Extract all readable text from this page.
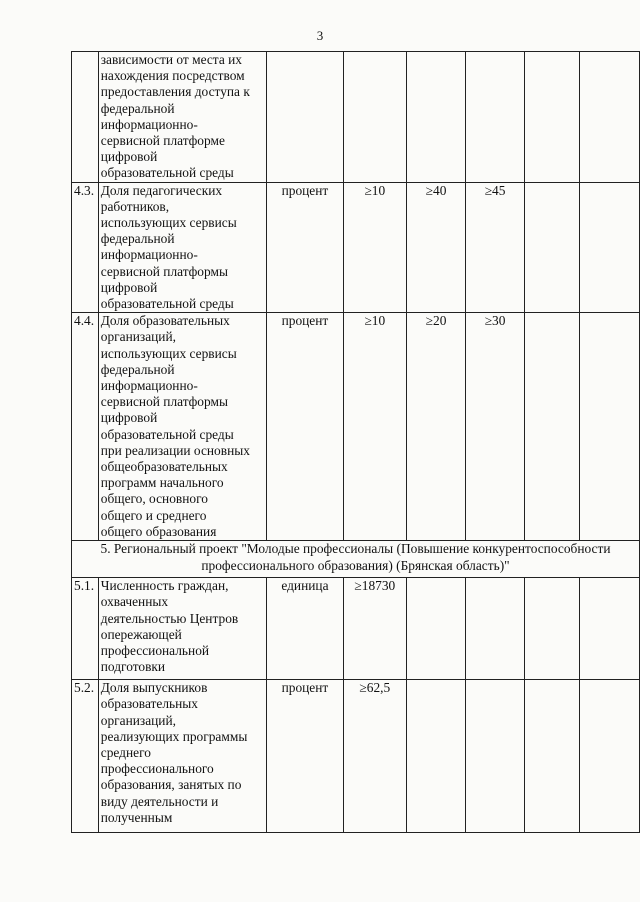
3

	зависимости от места их нахождения посредством предоставления доступа к федеральной информационно-сервисной платформе цифровой образовательной среды						

4.3.	Доля педагогических работников, использующих сервисы федеральной информационно-сервисной платформы цифровой образовательной среды	процент	≥10	≥40	≥45		
4.4.	Доля образовательных организаций, использующих сервисы федеральной информационно-сервисной платформы цифровой образовательной среды при реализации основных общеобразовательных программ начального общего, основного общего и среднего общего образования	процент	≥10	≥20	≥30		
5. Региональный проект "Молодые профессионалы (Повышение конкурентоспособности профессионального образования) (Брянская область)"							
5.1.	Численность граждан, охваченных деятельностью Центров опережающей профессиональной подготовки	единица	≥18730				
5.2.	Доля выпускников образовательных организаций, реализующих программы среднего профессионального образования, занятых по виду деятельности и полученным	процент	≥62,5				
